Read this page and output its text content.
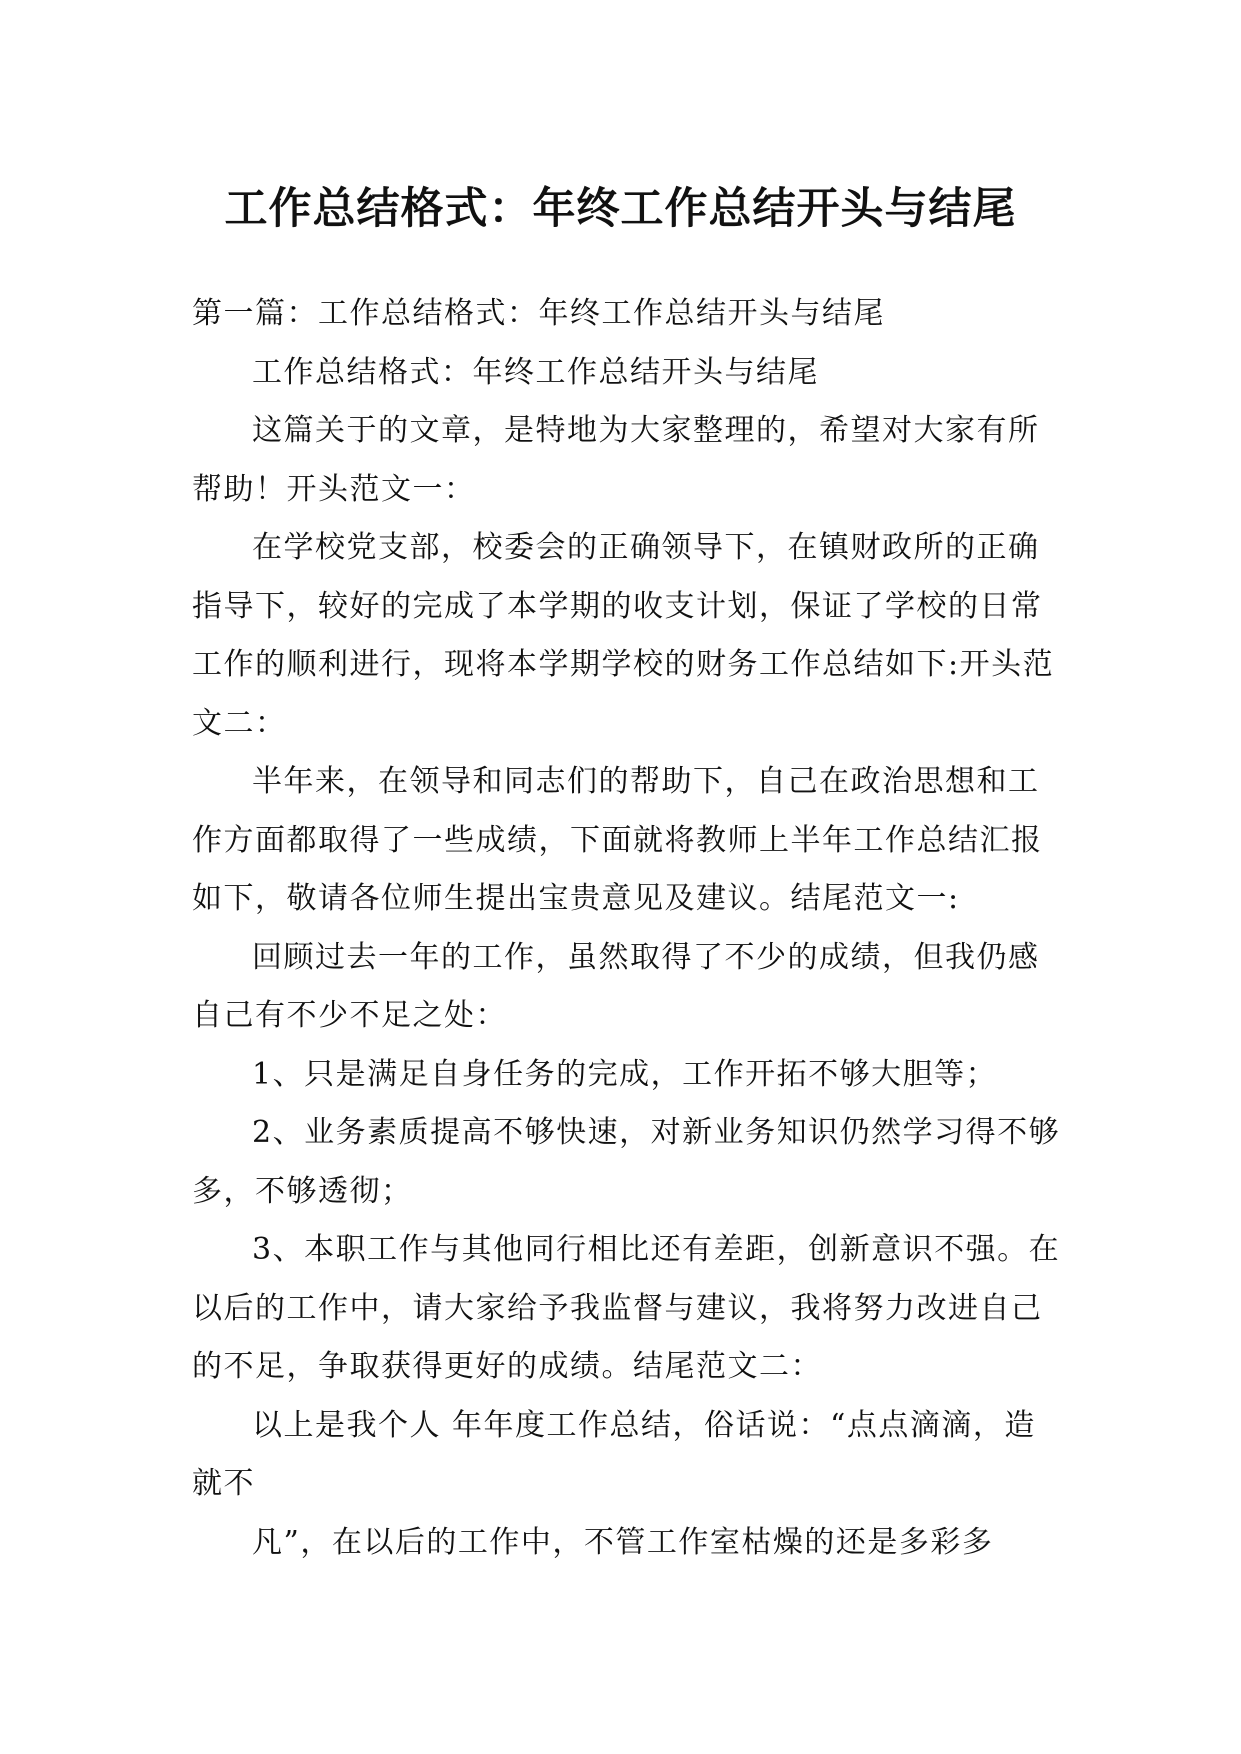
工作总结格式：年终工作总结开头与结尾

第一篇：工作总结格式：年终工作总结开头与结尾

工作总结格式：年终工作总结开头与结尾

这篇关于的文章，是特地为大家整理的，希望对大家有所帮助！开头范文一：

在学校党支部，校委会的正确领导下，在镇财政所的正确指导下，较好的完成了本学期的收支计划，保证了学校的日常工作的顺利进行，现将本学期学校的财务工作总结如下:开头范文二：

半年来，在领导和同志们的帮助下，自己在政治思想和工作方面都取得了一些成绩，下面就将教师上半年工作总结汇报如下，敬请各位师生提出宝贵意见及建议。结尾范文一:

回顾过去一年的工作，虽然取得了不少的成绩，但我仍感自己有不少不足之处：

1、只是满足自身任务的完成，工作开拓不够大胆等；

2、业务素质提高不够快速，对新业务知识仍然学习得不够多，不够透彻；

3、本职工作与其他同行相比还有差距，创新意识不强。在以后的工作中，请大家给予我监督与建议，我将努力改进自己的不足，争取获得更好的成绩。结尾范文二：

以上是我个人 年年度工作总结，俗话说：“点点滴滴，造就不

凡”，在以后的工作中，不管工作室枯燥的还是多彩多
